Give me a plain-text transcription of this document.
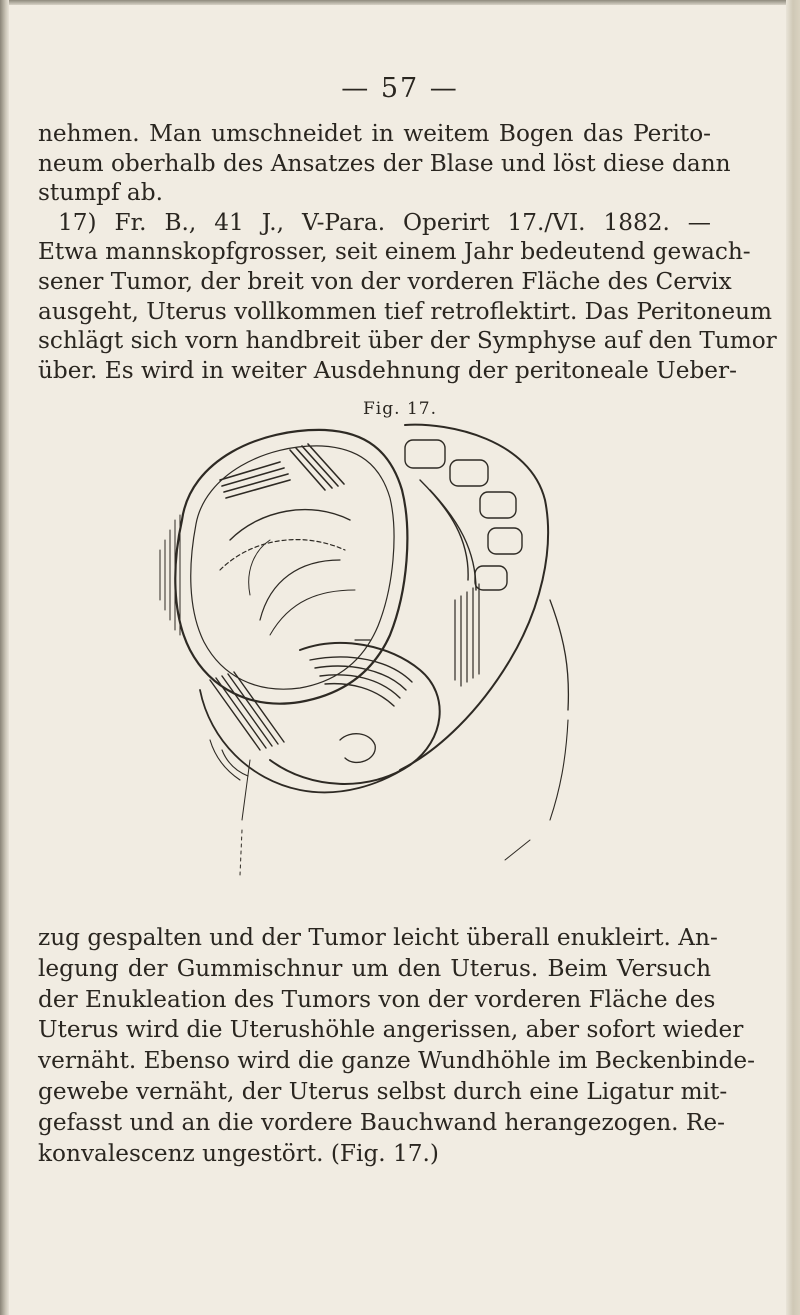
— 57 —
nehmen. Man umschneidet in weitem Bogen das Perito-
neum oberhalb des Ansatzes der Blase und löst diese dann
stumpf ab.
17) Fr. B., 41 J., V-Para. Operirt 17./VI. 1882. —
Etwa mannskopfgrosser, seit einem Jahr bedeutend gewach-
sener Tumor, der breit von der vorderen Fläche des Cervix
ausgeht, Uterus vollkommen tief retroflektirt. Das Peritoneum
schlägt sich vorn handbreit über der Symphyse auf den Tumor
über. Es wird in weiter Ausdehnung der peritoneale Ueber-
Fig. 17.
zug gespalten und der Tumor leicht überall enukleirt. An-
legung der Gummischnur um den Uterus. Beim Versuch
der Enukleation des Tumors von der vorderen Fläche des
Uterus wird die Uterushöhle angerissen, aber sofort wieder
vernäht. Ebenso wird die ganze Wundhöhle im Beckenbinde-
gewebe vernäht, der Uterus selbst durch eine Ligatur mit-
gefasst und an die vordere Bauchwand herangezogen. Re-
konvalescenz ungestört. (Fig. 17.)
